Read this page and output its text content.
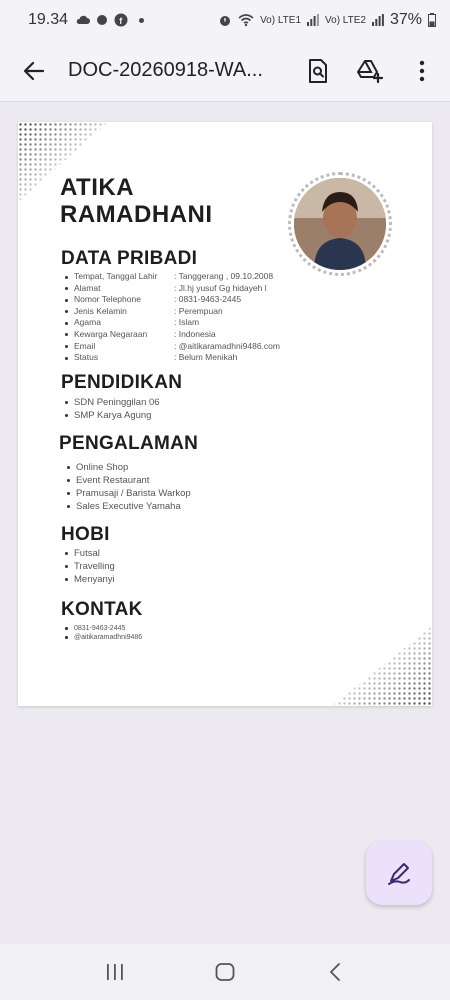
19.34	f	Vo) LTE1 Vo) LTE2 37%
DOC-20260918-WA...
ATIKA
RAMADHANI
DATA PRIBADI
Tempat, Tanggal Lahir : Tanggerang , 09.10.2008
Alamat	: Jl.hj yusuf Gg hidayeh l
Nomor Telephone	: 0831-9463-2445
Jenis Kelamin	: Perempuan
Agama	: Islam
Kewarga Negaraan	: Indonesia
Email	: @aitikaramadhni9486.com
Status	: Belum Menikah
PENDIDIKAN
SDN Peninggilan 06
SMP Karya Agung
PENGALAMAN
Online Shop
Event Restaurant
Pramusaji / Barista Warkop
Sales Executive Yamaha
HOBI
Futsal
Travelling
Menyanyi
KONTAK
0831-9463-2445
@aitikaramadhni9486
